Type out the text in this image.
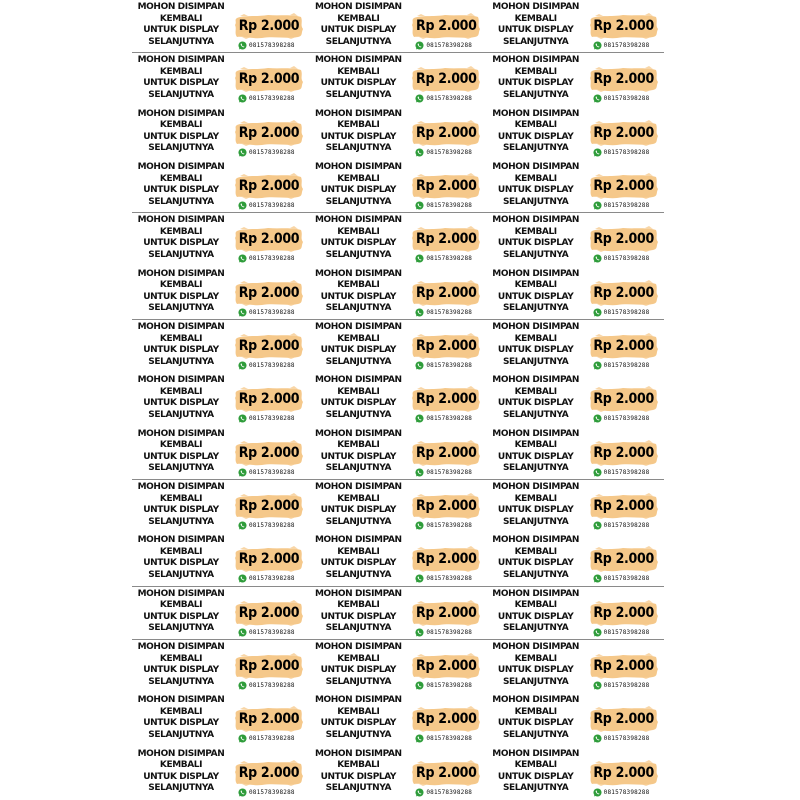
MOHON DISIMPAN
KEMBALI
UNTUK DISPLAY
SELANJUTNYA
Rp 2.000
081578398288
MOHON DISIMPAN
KEMBALI
UNTUK DISPLAY
SELANJUTNYA
Rp 2.000
081578398288
MOHON DISIMPAN
KEMBALI
UNTUK DISPLAY
SELANJUTNYA
Rp 2.000
081578398288
MOHON DISIMPAN
KEMBALI
UNTUK DISPLAY
SELANJUTNYA
Rp 2.000
081578398288
MOHON DISIMPAN
KEMBALI
UNTUK DISPLAY
SELANJUTNYA
Rp 2.000
081578398288
MOHON DISIMPAN
KEMBALI
UNTUK DISPLAY
SELANJUTNYA
Rp 2.000
081578398288
MOHON DISIMPAN
KEMBALI
UNTUK DISPLAY
SELANJUTNYA
Rp 2.000
081578398288
MOHON DISIMPAN
KEMBALI
UNTUK DISPLAY
SELANJUTNYA
Rp 2.000
081578398288
MOHON DISIMPAN
KEMBALI
UNTUK DISPLAY
SELANJUTNYA
Rp 2.000
081578398288
MOHON DISIMPAN
KEMBALI
UNTUK DISPLAY
SELANJUTNYA
Rp 2.000
081578398288
MOHON DISIMPAN
KEMBALI
UNTUK DISPLAY
SELANJUTNYA
Rp 2.000
081578398288
MOHON DISIMPAN
KEMBALI
UNTUK DISPLAY
SELANJUTNYA
Rp 2.000
081578398288
MOHON DISIMPAN
KEMBALI
UNTUK DISPLAY
SELANJUTNYA
Rp 2.000
081578398288
MOHON DISIMPAN
KEMBALI
UNTUK DISPLAY
SELANJUTNYA
Rp 2.000
081578398288
MOHON DISIMPAN
KEMBALI
UNTUK DISPLAY
SELANJUTNYA
Rp 2.000
081578398288
MOHON DISIMPAN
KEMBALI
UNTUK DISPLAY
SELANJUTNYA
Rp 2.000
081578398288
MOHON DISIMPAN
KEMBALI
UNTUK DISPLAY
SELANJUTNYA
Rp 2.000
081578398288
MOHON DISIMPAN
KEMBALI
UNTUK DISPLAY
SELANJUTNYA
Rp 2.000
081578398288
MOHON DISIMPAN
KEMBALI
UNTUK DISPLAY
SELANJUTNYA
Rp 2.000
081578398288
MOHON DISIMPAN
KEMBALI
UNTUK DISPLAY
SELANJUTNYA
Rp 2.000
081578398288
MOHON DISIMPAN
KEMBALI
UNTUK DISPLAY
SELANJUTNYA
Rp 2.000
081578398288
MOHON DISIMPAN
KEMBALI
UNTUK DISPLAY
SELANJUTNYA
Rp 2.000
081578398288
MOHON DISIMPAN
KEMBALI
UNTUK DISPLAY
SELANJUTNYA
Rp 2.000
081578398288
MOHON DISIMPAN
KEMBALI
UNTUK DISPLAY
SELANJUTNYA
Rp 2.000
081578398288
MOHON DISIMPAN
KEMBALI
UNTUK DISPLAY
SELANJUTNYA
Rp 2.000
081578398288
MOHON DISIMPAN
KEMBALI
UNTUK DISPLAY
SELANJUTNYA
Rp 2.000
081578398288
MOHON DISIMPAN
KEMBALI
UNTUK DISPLAY
SELANJUTNYA
Rp 2.000
081578398288
MOHON DISIMPAN
KEMBALI
UNTUK DISPLAY
SELANJUTNYA
Rp 2.000
081578398288
MOHON DISIMPAN
KEMBALI
UNTUK DISPLAY
SELANJUTNYA
Rp 2.000
081578398288
MOHON DISIMPAN
KEMBALI
UNTUK DISPLAY
SELANJUTNYA
Rp 2.000
081578398288
MOHON DISIMPAN
KEMBALI
UNTUK DISPLAY
SELANJUTNYA
Rp 2.000
081578398288
MOHON DISIMPAN
KEMBALI
UNTUK DISPLAY
SELANJUTNYA
Rp 2.000
081578398288
MOHON DISIMPAN
KEMBALI
UNTUK DISPLAY
SELANJUTNYA
Rp 2.000
081578398288
MOHON DISIMPAN
KEMBALI
UNTUK DISPLAY
SELANJUTNYA
Rp 2.000
081578398288
MOHON DISIMPAN
KEMBALI
UNTUK DISPLAY
SELANJUTNYA
Rp 2.000
081578398288
MOHON DISIMPAN
KEMBALI
UNTUK DISPLAY
SELANJUTNYA
Rp 2.000
081578398288
MOHON DISIMPAN
KEMBALI
UNTUK DISPLAY
SELANJUTNYA
Rp 2.000
081578398288
MOHON DISIMPAN
KEMBALI
UNTUK DISPLAY
SELANJUTNYA
Rp 2.000
081578398288
MOHON DISIMPAN
KEMBALI
UNTUK DISPLAY
SELANJUTNYA
Rp 2.000
081578398288
MOHON DISIMPAN
KEMBALI
UNTUK DISPLAY
SELANJUTNYA
Rp 2.000
081578398288
MOHON DISIMPAN
KEMBALI
UNTUK DISPLAY
SELANJUTNYA
Rp 2.000
081578398288
MOHON DISIMPAN
KEMBALI
UNTUK DISPLAY
SELANJUTNYA
Rp 2.000
081578398288
MOHON DISIMPAN
KEMBALI
UNTUK DISPLAY
SELANJUTNYA
Rp 2.000
081578398288
MOHON DISIMPAN
KEMBALI
UNTUK DISPLAY
SELANJUTNYA
Rp 2.000
081578398288
MOHON DISIMPAN
KEMBALI
UNTUK DISPLAY
SELANJUTNYA
Rp 2.000
081578398288
